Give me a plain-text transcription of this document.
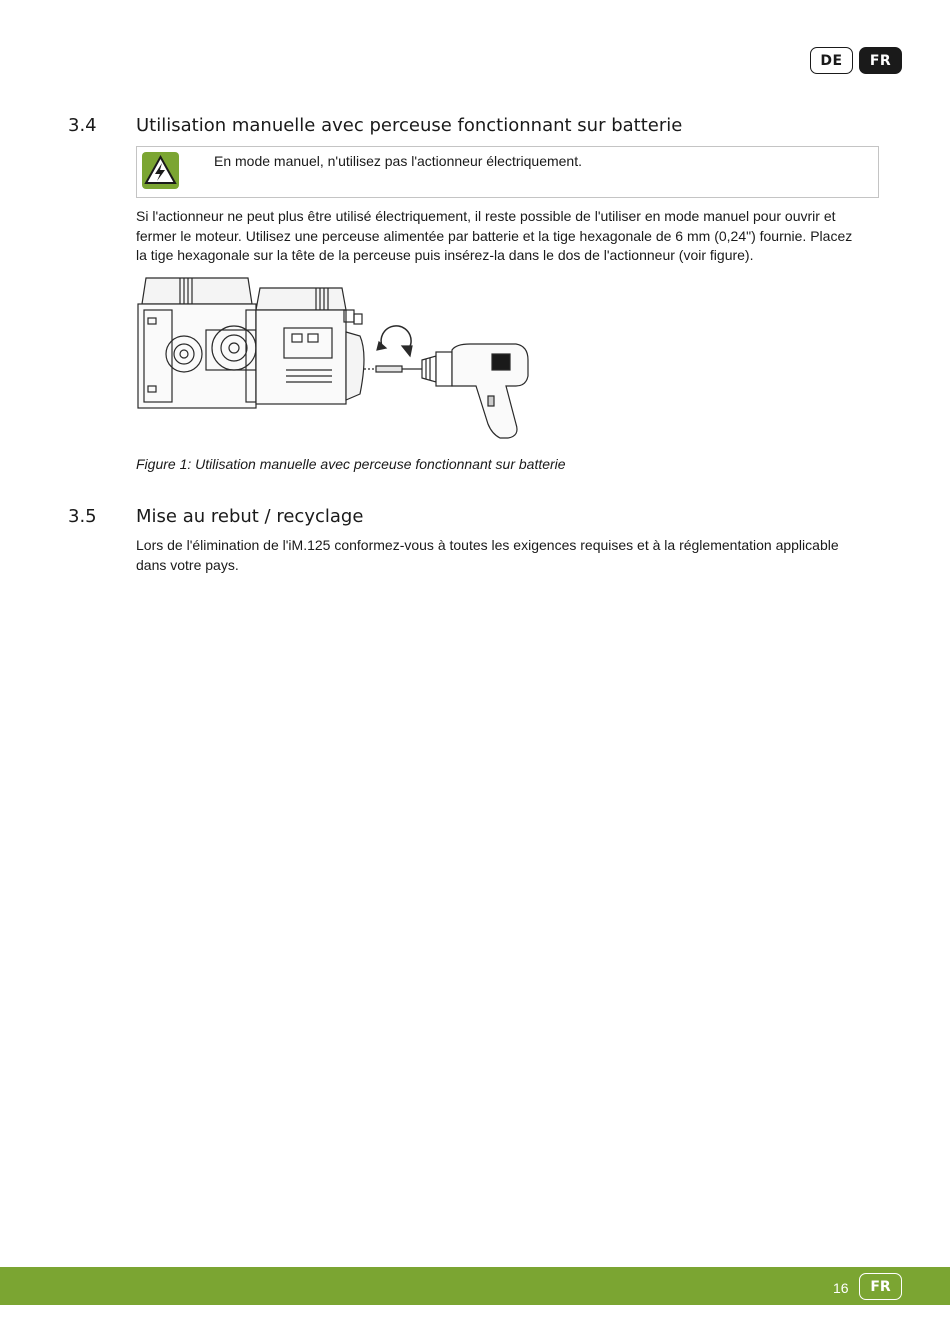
DE	FR
3.4	Utilisation manuelle avec perceuse fonctionnant sur batterie
En mode manuel, n'utilisez pas l'actionneur électriquement.

Si l'actionneur ne peut plus être utilisé électriquement, il reste possible de l'utiliser en mode manuel pour ouvrir et fermer le moteur. Utilisez une perceuse alimentée par batterie et la tige hexagonale de 6 mm (0,24") fournie. Placez la tige hexagonale sur la tête de la perceuse puis insérez-la dans le dos de l'actionneur (voir figure).

Figure 1: Utilisation manuelle avec perceuse fonctionnant sur batterie
3.5	Mise au rebut / recyclage

Lors de l'élimination de l'iM.125 conformez-vous à toutes les exigences requises et à la réglementation applicable dans votre pays.

16	FR
